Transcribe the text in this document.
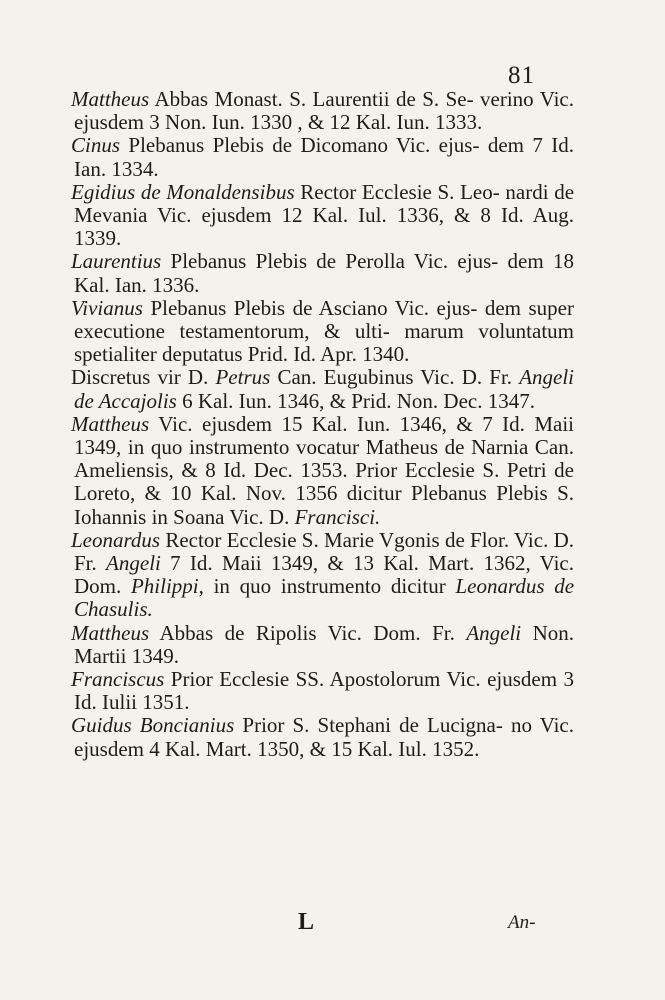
81

Mattheus Abbas Monast. S. Laurentii de S. Se- verino Vic. ejusdem 3 Non. Iun. 1330 , & 12 Kal. Iun. 1333.

Cinus Plebanus Plebis de Dicomano Vic. ejus- dem 7 Id. Ian. 1334.

Egidius de Monaldensibus Rector Ecclesie S. Leo- nardi de Mevania Vic. ejusdem 12 Kal. Iul. 1336, & 8 Id. Aug. 1339.

Laurentius Plebanus Plebis de Perolla Vic. ejus- dem 18 Kal. Ian. 1336.

Vivianus Plebanus Plebis de Asciano Vic. ejus- dem super executione testamentorum, & ulti- marum voluntatum spetialiter deputatus Prid. Id. Apr. 1340.

Discretus vir D. Petrus Can. Eugubinus Vic. D. Fr. Angeli de Accajolis 6 Kal. Iun. 1346, & Prid. Non. Dec. 1347.

Mattheus Vic. ejusdem 15 Kal. Iun. 1346, & 7 Id. Maii 1349, in quo instrumento vocatur Matheus de Narnia Can. Ameliensis, & 8 Id. Dec. 1353. Prior Ecclesie S. Petri de Loreto, & 10 Kal. Nov. 1356 dicitur Plebanus Plebis S. Iohannis in Soana Vic. D. Francisci.

Leonardus Rector Ecclesie S. Marie Vgonis de Flor. Vic. D. Fr. Angeli 7 Id. Maii 1349, & 13 Kal. Mart. 1362, Vic. Dom. Philippi, in quo instrumento dicitur Leonardus de Chasulis.

Mattheus Abbas de Ripolis Vic. Dom. Fr. Angeli Non. Martii 1349.

Franciscus Prior Ecclesie SS. Apostolorum Vic. ejusdem 3 Id. Iulii 1351.

Guidus Boncianius Prior S. Stephani de Lucigna- no Vic. ejusdem 4 Kal. Mart. 1350, & 15 Kal. Iul. 1352.

L	An-
